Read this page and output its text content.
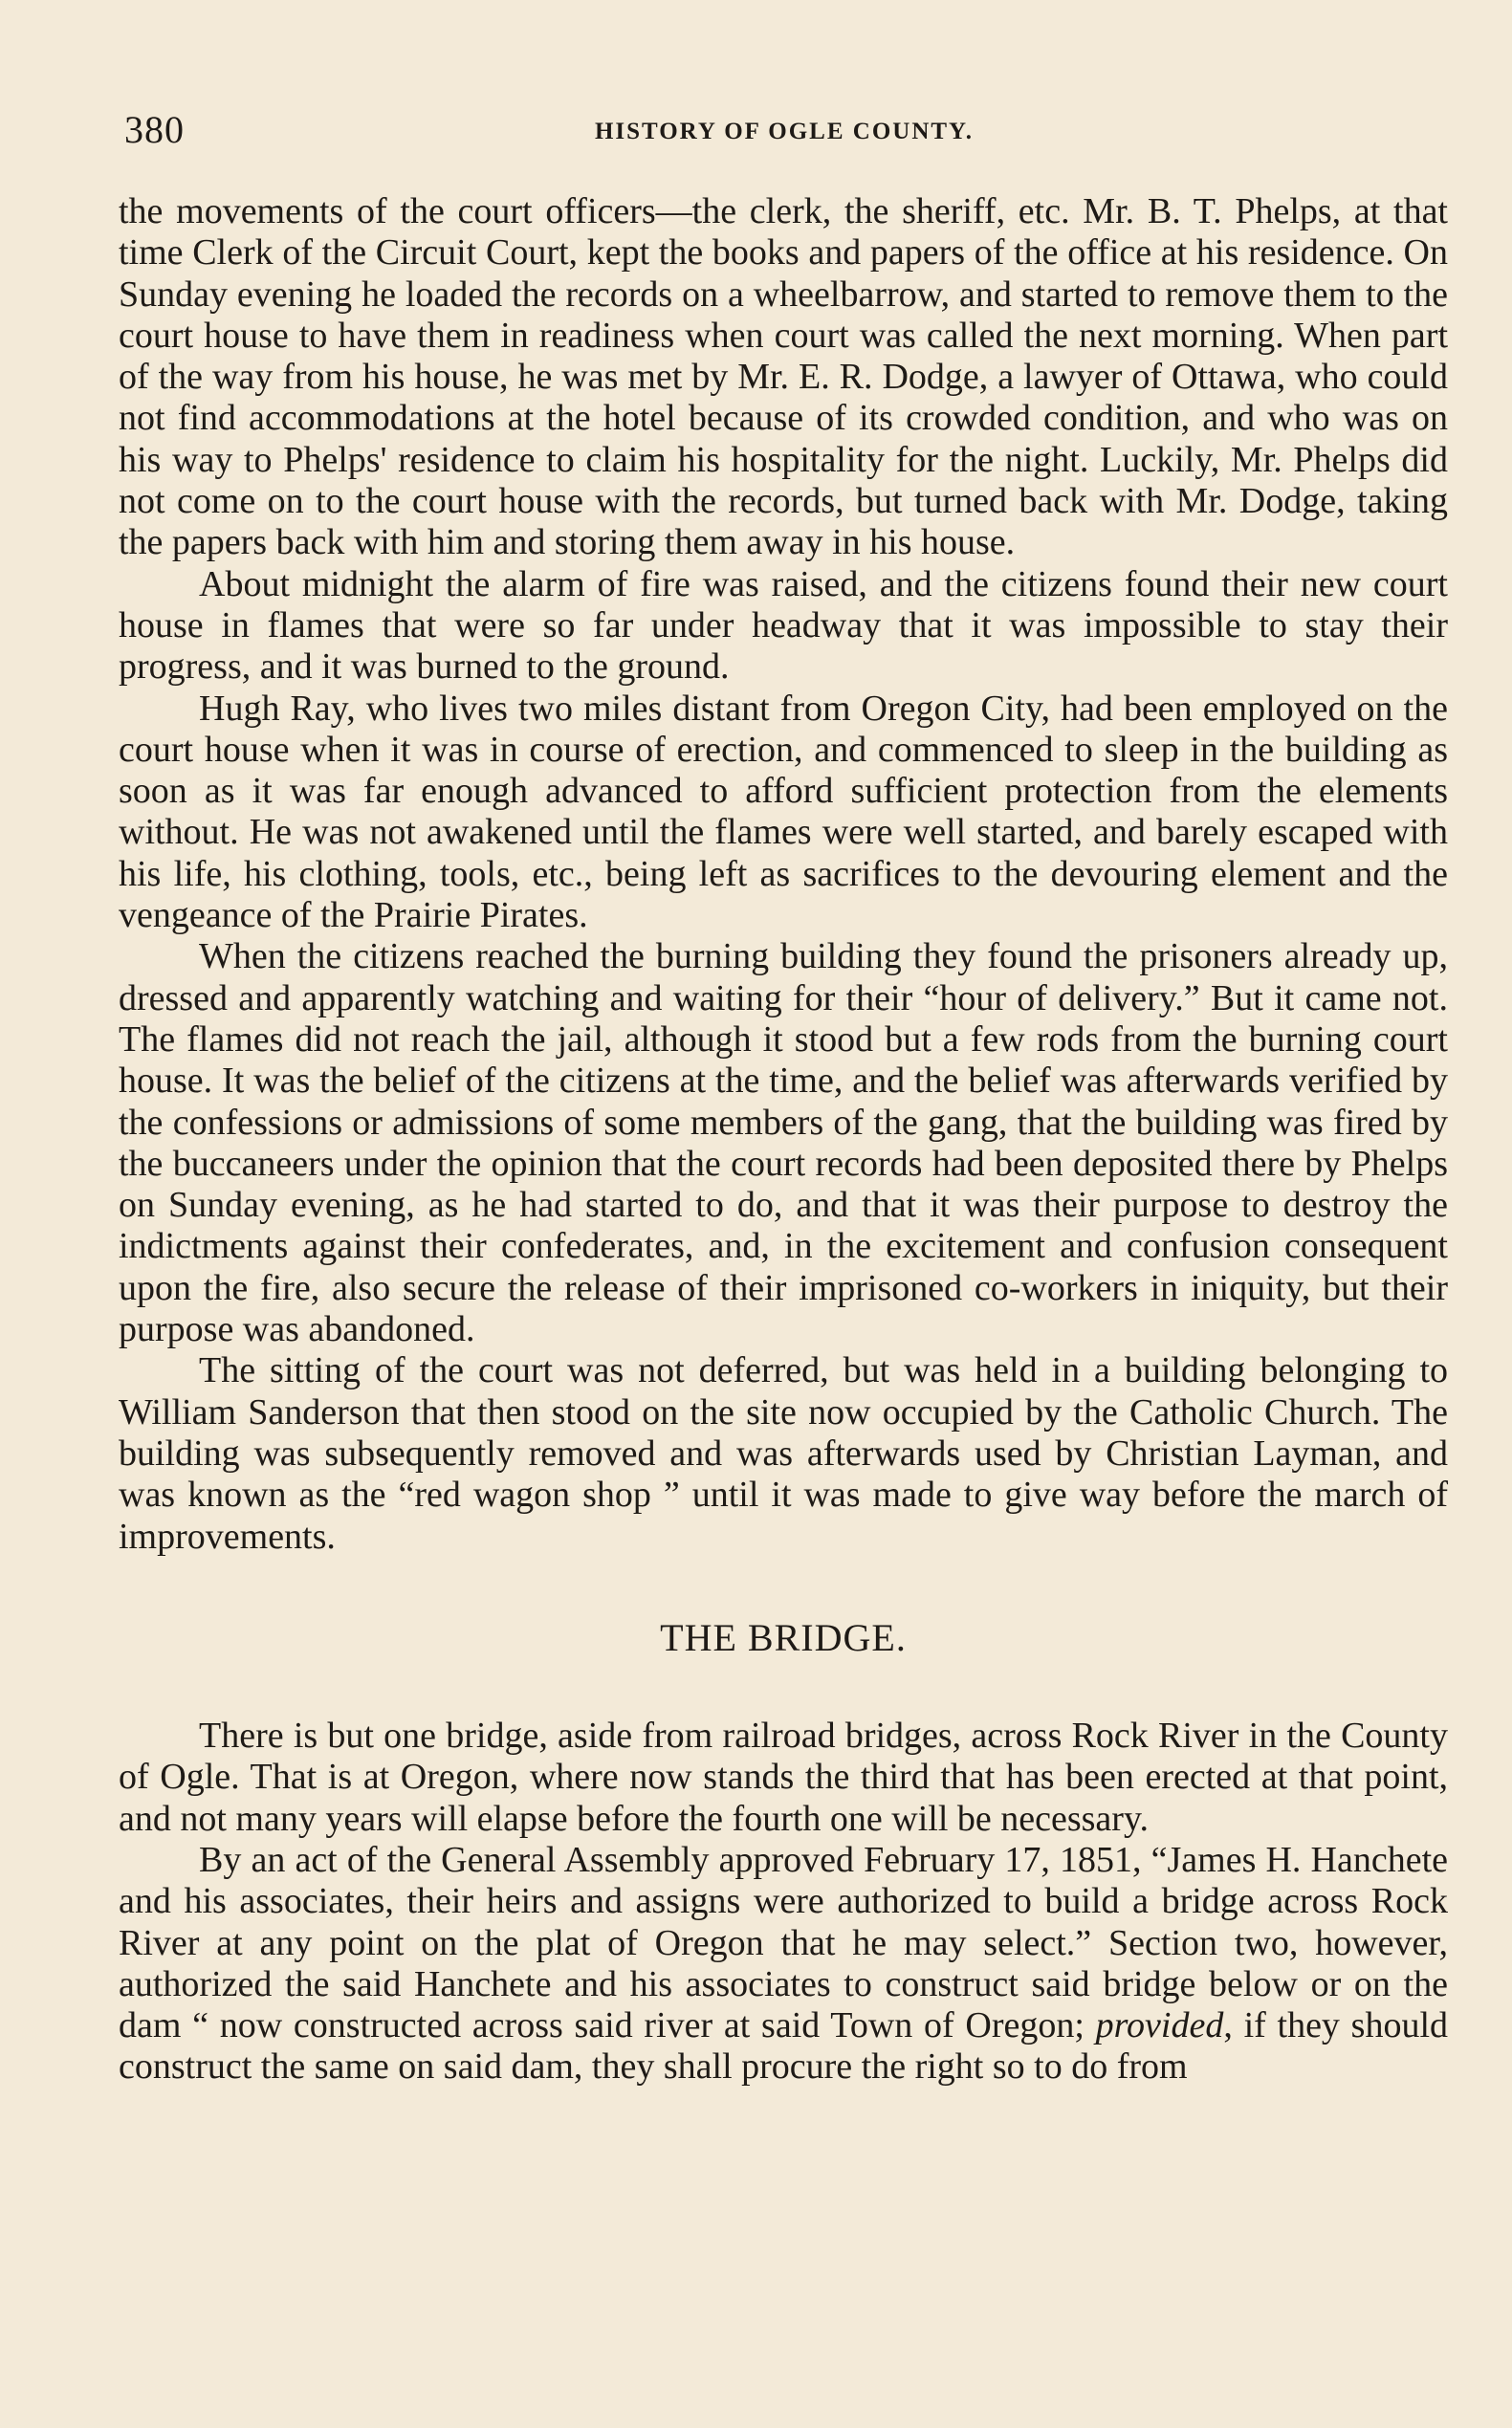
380	HISTORY OF OGLE COUNTY.

the movements of the court officers—the clerk, the sheriff, etc. Mr. B. T. Phelps, at that time Clerk of the Circuit Court, kept the books and papers of the office at his residence. On Sunday evening he loaded the records on a wheelbarrow, and started to remove them to the court house to have them in readiness when court was called the next morning. When part of the way from his house, he was met by Mr. E. R. Dodge, a lawyer of Ottawa, who could not find accommodations at the hotel because of its crowded condition, and who was on his way to Phelps' residence to claim his hospitality for the night. Luckily, Mr. Phelps did not come on to the court house with the records, but turned back with Mr. Dodge, taking the papers back with him and storing them away in his house.

About midnight the alarm of fire was raised, and the citizens found their new court house in flames that were so far under headway that it was impossible to stay their progress, and it was burned to the ground.

Hugh Ray, who lives two miles distant from Oregon City, had been employed on the court house when it was in course of erection, and commenced to sleep in the building as soon as it was far enough advanced to afford sufficient protection from the elements without. He was not awakened until the flames were well started, and barely escaped with his life, his clothing, tools, etc., being left as sacrifices to the devouring element and the vengeance of the Prairie Pirates.

When the citizens reached the burning building they found the prisoners already up, dressed and apparently watching and waiting for their “hour of delivery.” But it came not. The flames did not reach the jail, although it stood but a few rods from the burning court house. It was the belief of the citizens at the time, and the belief was afterwards verified by the confessions or admissions of some members of the gang, that the building was fired by the buccaneers under the opinion that the court records had been deposited there by Phelps on Sunday evening, as he had started to do, and that it was their purpose to destroy the indictments against their confederates, and, in the excitement and confusion consequent upon the fire, also secure the release of their imprisoned co-workers in iniquity, but their purpose was abandoned.

The sitting of the court was not deferred, but was held in a building belonging to William Sanderson that then stood on the site now occupied by the Catholic Church. The building was subsequently removed and was afterwards used by Christian Layman, and was known as the “red wagon shop ” until it was made to give way before the march of improvements.

THE BRIDGE.

There is but one bridge, aside from railroad bridges, across Rock River in the County of Ogle. That is at Oregon, where now stands the third that has been erected at that point, and not many years will elapse before the fourth one will be necessary.

By an act of the General Assembly approved February 17, 1851, “James H. Hanchete and his associates, their heirs and assigns were authorized to build a bridge across Rock River at any point on the plat of Oregon that he may select.” Section two, however, authorized the said Hanchete and his associates to construct said bridge below or on the dam “ now constructed across said river at said Town of Oregon; provided, if they should construct the same on said dam, they shall procure the right so to do from
